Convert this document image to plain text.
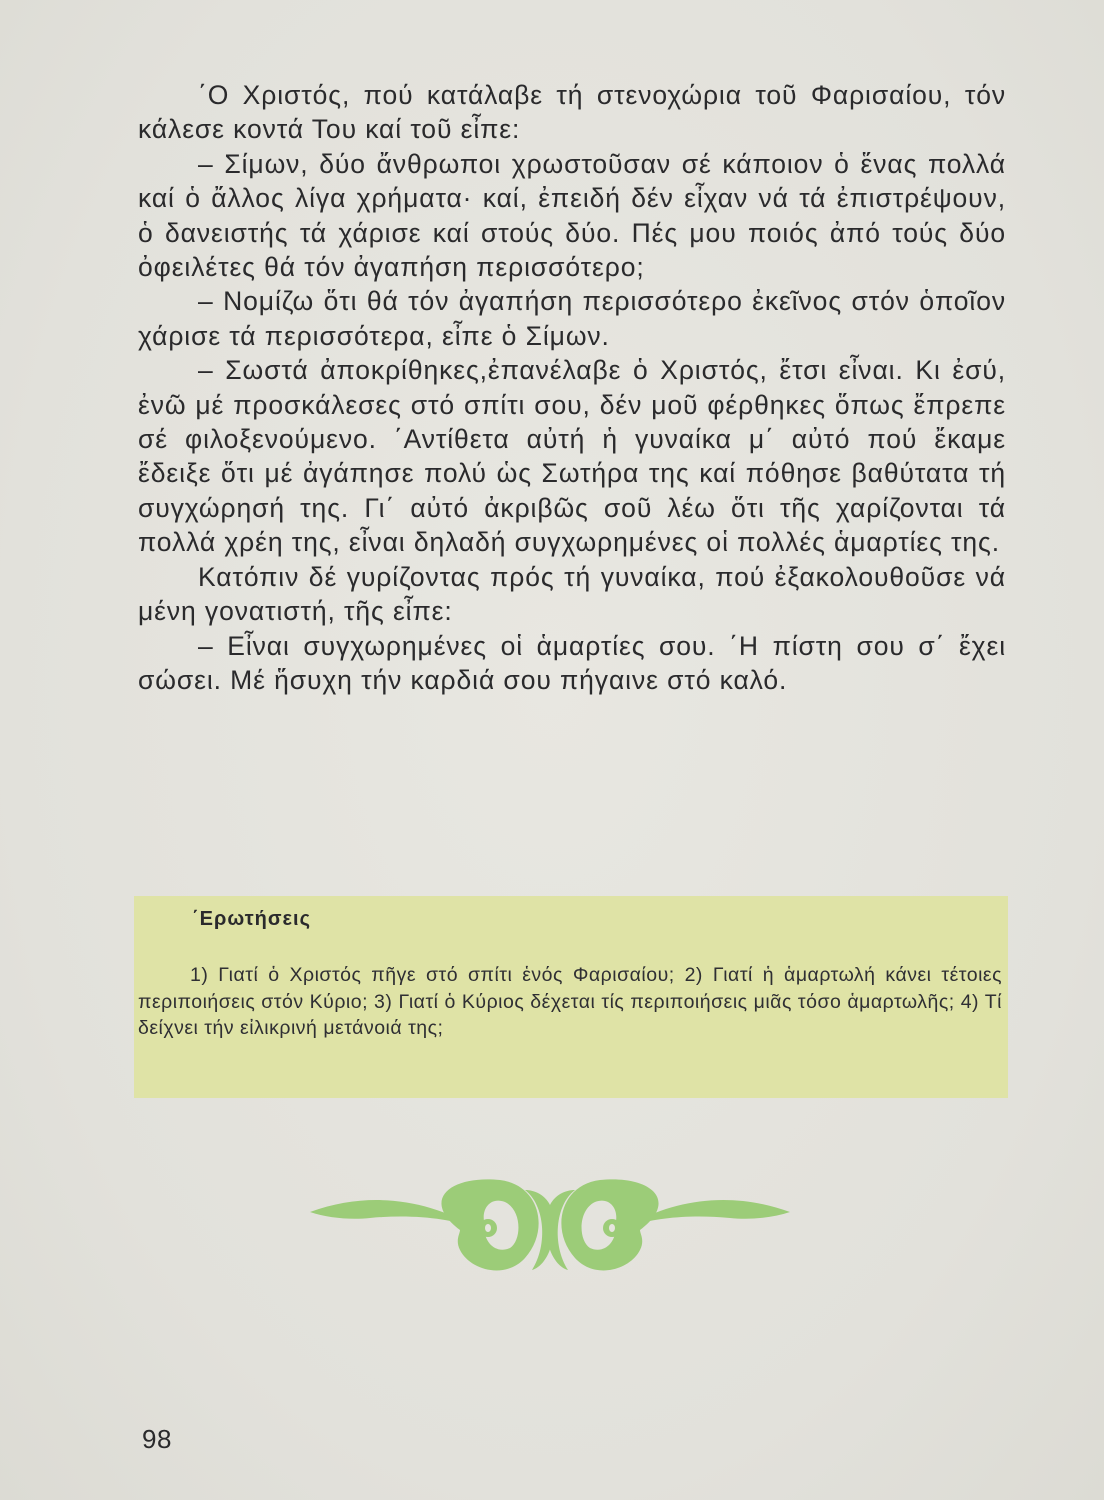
΄Ο Χριστός, πού κατάλαβε τή στενοχώρια τοῦ Φαρισαίου, τόν κάλεσε κοντά Του καί τοῦ εἶπε:

– Σίμων, δύο ἄνθρωποι χρωστοῦσαν σέ κάποιον ὁ ἕνας πολλά καί ὁ ἄλλος λίγα χρήματα· καί, ἐπειδή δέν εἶχαν νά τά ἐπιστρέψουν, ὁ δανειστής τά χάρισε καί στούς δύο. Πές μου ποιός ἀπό τούς δύο ὀφειλέτες θά τόν ἀγαπήση περισσότερο;

– Νομίζω ὅτι θά τόν ἀγαπήση περισσότερο ἐκεῖνος στόν ὁποῖον χάρισε τά περισσότερα, εἶπε ὁ Σίμων.

– Σωστά ἀποκρίθηκες,ἐπανέλαβε ὁ Χριστός, ἔτσι εἶναι. Κι ἐσύ, ἐνῶ μέ προσκάλεσες στό σπίτι σου, δέν μοῦ φέρθηκες ὅπως ἔπρεπε σέ φιλοξενούμενο. ΄Αντίθετα αὐτή ἡ γυναίκα μ΄ αὐτό πού ἔκαμε ἔδειξε ὅτι μέ ἀγάπησε πολύ ὡς Σωτήρα της καί πόθησε βαθύτατα τή συγχώρησή της. Γι΄ αὐτό ἀκριβῶς σοῦ λέω ὅτι τῆς χαρίζονται τά πολλά χρέη της, εἶναι δηλαδή συγχωρημένες οἱ πολλές ἁμαρτίες της.

Κατόπιν δέ γυρίζοντας πρός τή γυναίκα, πού ἐξακολουθοῦσε νά μένη γονατιστή, τῆς εἶπε:

– Εἶναι συγχωρημένες οἱ ἁμαρτίες σου. ΄Η πίστη σου σ΄ ἔχει σώσει. Μέ ἥσυχη τήν καρδιά σου πήγαινε στό καλό.

΄Ερωτήσεις
1) Γιατί ὁ Χριστός πῆγε στό σπίτι ἑνός Φαρισαίου; 2) Γιατί ἡ ἁμαρτωλή κάνει τέτοιες περιποιήσεις στόν Κύριο; 3) Γιατί ὁ Κύριος δέχεται τίς περιποιήσεις μιᾶς τόσο ἁμαρτωλῆς; 4) Τί δείχνει τήν εἰλικρινή μετάνοιά της;
98
